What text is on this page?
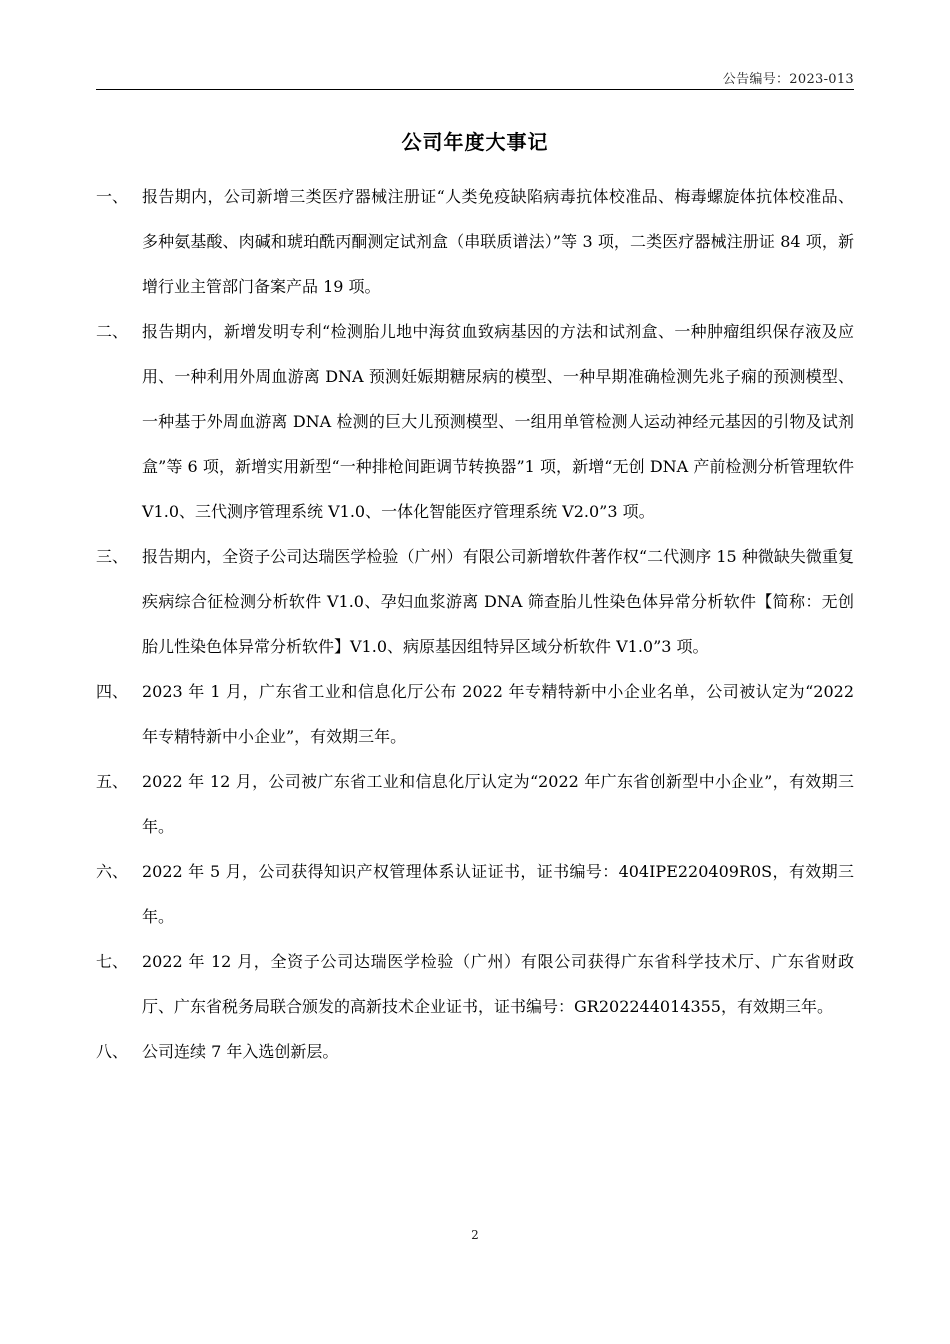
公告编号：2023-013
公司年度大事记
一、 报告期内，公司新增三类医疗器械注册证“人类免疫缺陷病毒抗体校准品、梅毒螺旋体抗体校准品、多种氨基酸、肉碱和琥珀酰丙酮测定试剂盒（串联质谱法）”等 3 项，二类医疗器械注册证 84 项，新增行业主管部门备案产品 19 项。
二、 报告期内，新增发明专利“检测胎儿地中海贫血致病基因的方法和试剂盒、一种肿瘤组织保存液及应用、一种利用外周血游离 DNA 预测妊娠期糖尿病的模型、一种早期准确检测先兆子痫的预测模型、一种基于外周血游离 DNA 检测的巨大儿预测模型、一组用单管检测人运动神经元基因的引物及试剂盒”等 6 项，新增实用新型“一种排枪间距调节转换器”1 项，新增“无创 DNA 产前检测分析管理软件 V1.0、三代测序管理系统 V1.0、一体化智能医疗管理系统 V2.0”3 项。
三、 报告期内，全资子公司达瑞医学检验（广州）有限公司新增软件著作权“二代测序 15 种微缺失微重复疾病综合征检测分析软件 V1.0、孕妇血浆游离 DNA 筛查胎儿性染色体异常分析软件【简称：无创胎儿性染色体异常分析软件】V1.0、病原基因组特异区域分析软件 V1.0”3 项。
四、 2023 年 1 月，广东省工业和信息化厅公布 2022 年专精特新中小企业名单，公司被认定为“2022 年专精特新中小企业”，有效期三年。
五、 2022 年 12 月，公司被广东省工业和信息化厅认定为“2022 年广东省创新型中小企业”，有效期三年。
六、 2022 年 5 月，公司获得知识产权管理体系认证证书，证书编号：404IPE220409R0S，有效期三年。
七、 2022 年 12 月，全资子公司达瑞医学检验（广州）有限公司获得广东省科学技术厅、广东省财政厅、广东省税务局联合颁发的高新技术企业证书，证书编号：GR202244014355，有效期三年。
八、 公司连续 7 年入选创新层。
2
